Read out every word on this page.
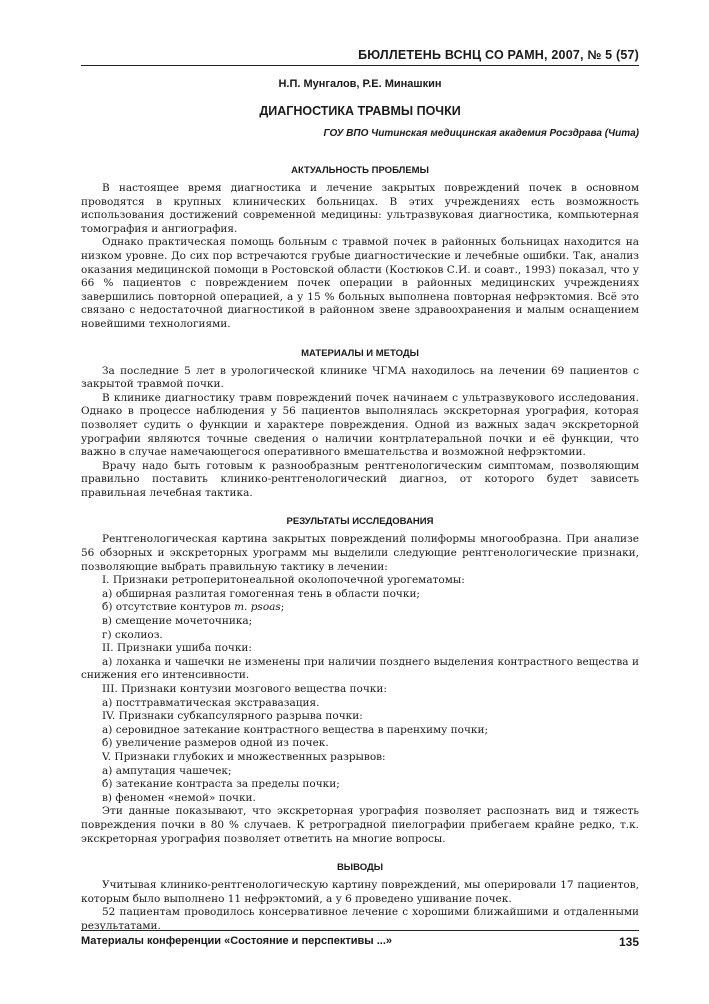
БЮЛЛЕТЕНЬ ВСНЦ СО РАМН, 2007, № 5 (57)
Н.П. Мунгалов, Р.Е. Минашкин
ДИАГНОСТИКА ТРАВМЫ ПОЧКИ
ГОУ ВПО Читинская медицинская академия Росздрава (Чита)
АКТУАЛЬНОСТЬ ПРОБЛЕМЫ

В настоящее время диагностика и лечение закрытых повреждений почек в основном проводятся в крупных клинических больницах. В этих учреждениях есть возможность использования достижений современной медицины: ультразвуковая диагностика, компьютерная томография и ангиография.

Однако практическая помощь больным с травмой почек в районных больницах находится на низком уровне. До сих пор встречаются грубые диагностические и лечебные ошибки. Так, анализ оказания медицинской помощи в Ростовской области (Костюков С.И. и соавт., 1993) показал, что у 66 % пациентов с повреждением почек операции в районных медицинских учреждениях завершились повторной операцией, а у 15 % больных выполнена повторная нефрэктомия. Всё это связано с недостаточной диагностикой в районном звене здравоохранения и малым оснащением новейшими технологиями.

МАТЕРИАЛЫ И МЕТОДЫ

За последние 5 лет в урологической клинике ЧГМА находилось на лечении 69 пациентов с закрытой травмой почки.

В клинике диагностику травм повреждений почек начинаем с ультразвукового исследования. Однако в процессе наблюдения у 56 пациентов выполнялась экскреторная урография, которая позволяет судить о функции и характере повреждения. Одной из важных задач экскреторной урографии являются точные сведения о наличии контрлатеральной почки и её функции, что важно в случае намечающегося оперативного вмешательства и возможной нефрэктомии.

Врачу надо быть готовым к разнообразным рентгенологическим симптомам, позволяющим правильно поставить клинико-рентгенологический диагноз, от которого будет зависеть правильная лечебная тактика.

РЕЗУЛЬТАТЫ ИССЛЕДОВАНИЯ

Рентгенологическая картина закрытых повреждений полиформы многообразна. При анализе 56 обзорных и экскреторных урограмм мы выделили следующие рентгенологические признаки, позволяющие выбрать правильную тактику в лечении:

I. Признаки ретроперитонеальной околопочечной урогематомы:
а) обширная разлитая гомогенная тень в области почки;
б) отсутствие контуров m. psoas;
в) смещение мочеточника;
г) сколиоз.
II. Признаки ушиба почки:
а) лоханка и чашечки не изменены при наличии позднего выделения контрастного вещества и снижения его интенсивности.
III. Признаки контузии мозгового вещества почки:
а) посттравматическая экстравазация.
IV. Признаки субкапсулярного разрыва почки:
а) серовидное затекание контрастного вещества в паренхиму почки;
б) увеличение размеров одной из почек.
V. Признаки глубоких и множественных разрывов:
а) ампутация чашечек;
б) затекание контраста за пределы почки;
в) феномен «немой» почки.

Эти данные показывают, что экскреторная урография позволяет распознать вид и тяжесть повреждения почки в 80 % случаев. К ретроградной пиелографии прибегаем крайне редко, т.к. экскреторная урография позволяет ответить на многие вопросы.

ВЫВОДЫ

Учитывая клинико-рентгенологическую картину повреждений, мы оперировали 17 пациентов, которым было выполнено 11 нефрэктомий, а у 6 проведено ушивание почек.

52 пациентам проводилось консервативное лечение с хорошими ближайшими и отдаленными результатами.

Материалы конференции «Состояние и перспективы ...»	135
